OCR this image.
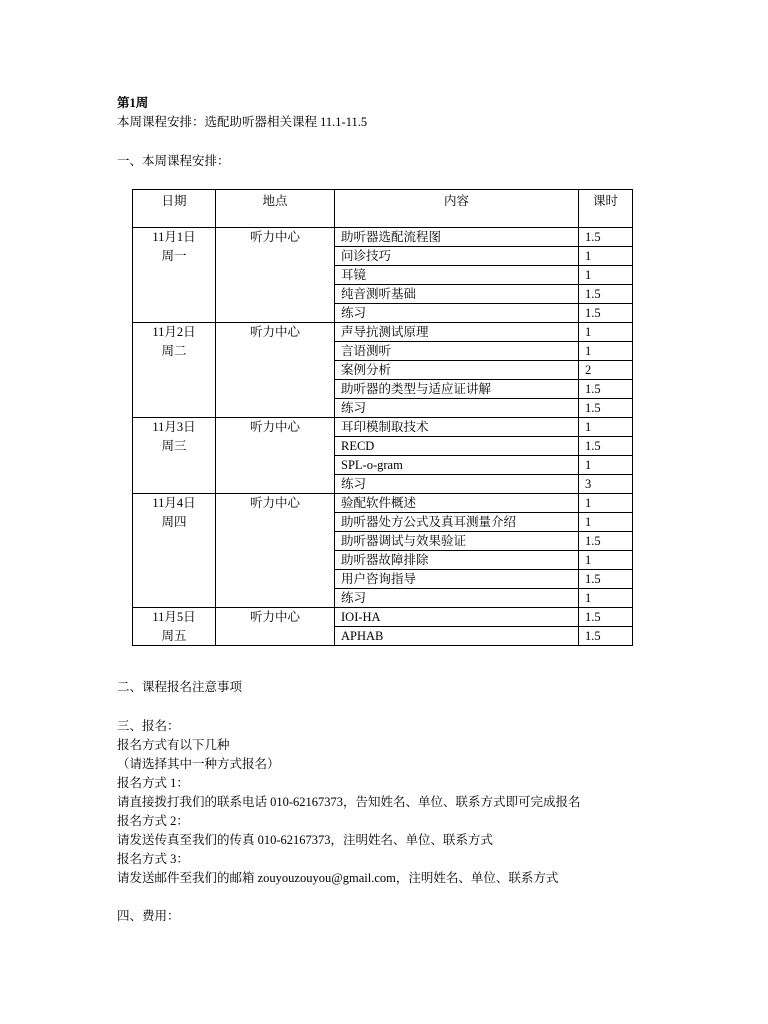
第1周
本周课程安排：选配助听器相关课程 11.1-11.5
一、本周课程安排：
日期	地点	内容	课时

11月1日
周一	听力中心	助听器选配流程图	1.5
		问诊技巧	1
		耳镜	1
		纯音测听基础	1.5
		练习	1.5

11月2日
周二	听力中心	声导抗测试原理	1
		言语测听	1
		案例分析	2
		助听器的类型与适应证讲解	1.5
		练习	1.5

11月3日
周三	听力中心	耳印模制取技术	1
		RECD	1.5
		SPL-o-gram	1
		练习	3

11月4日
周四	听力中心	验配软件概述	1
		助听器处方公式及真耳测量介绍	1
		助听器调试与效果验证	1.5
		助听器故障排除	1
		用户咨询指导	1.5
		练习	1

11月5日
周五	听力中心	IOI-HA	1.5
		APHAB	1.5
二、课程报名注意事项
三、报名：
报名方式有以下几种
（请选择其中一种方式报名）
报名方式 1：
请直接拨打我们的联系电话 010-62167373，告知姓名、单位、联系方式即可完成报名
报名方式 2：
请发送传真至我们的传真 010-62167373，注明姓名、单位、联系方式
报名方式 3：
请发送邮件至我们的邮箱 zouyouzouyou@gmail.com，注明姓名、单位、联系方式
四、费用：
